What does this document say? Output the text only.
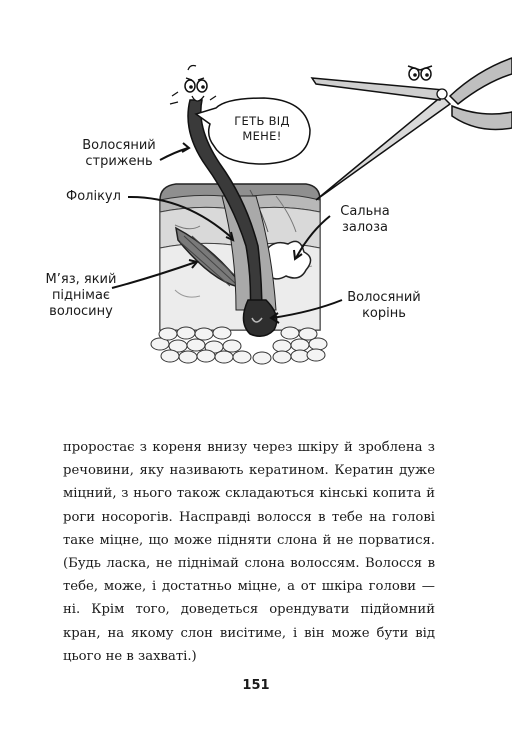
Волосяний
стрижень
Фолікул
М’яз, який
піднімає
волосину
Сальна
залоза
Волосяний
корінь
ГЕТЬ ВІД
МЕНЕ!

проростає з кореня внизу через шкіру й зроблена з речовини, яку називають кератином. Кератин дуже міцний, з нього також складаються кінські копита й роги носорогів. Насправді волосся в тебе на голові таке міцне, що може підняти слона й не порватися. (Будь ласка, не піднімай слона волоссям. Волосся в тебе, може, і достатньо міцне, а от шкіра голови — ні. Крім того, доведеться орендувати підйомний кран, на якому слон висітиме, і він може бути від цього не в захваті.)

151
